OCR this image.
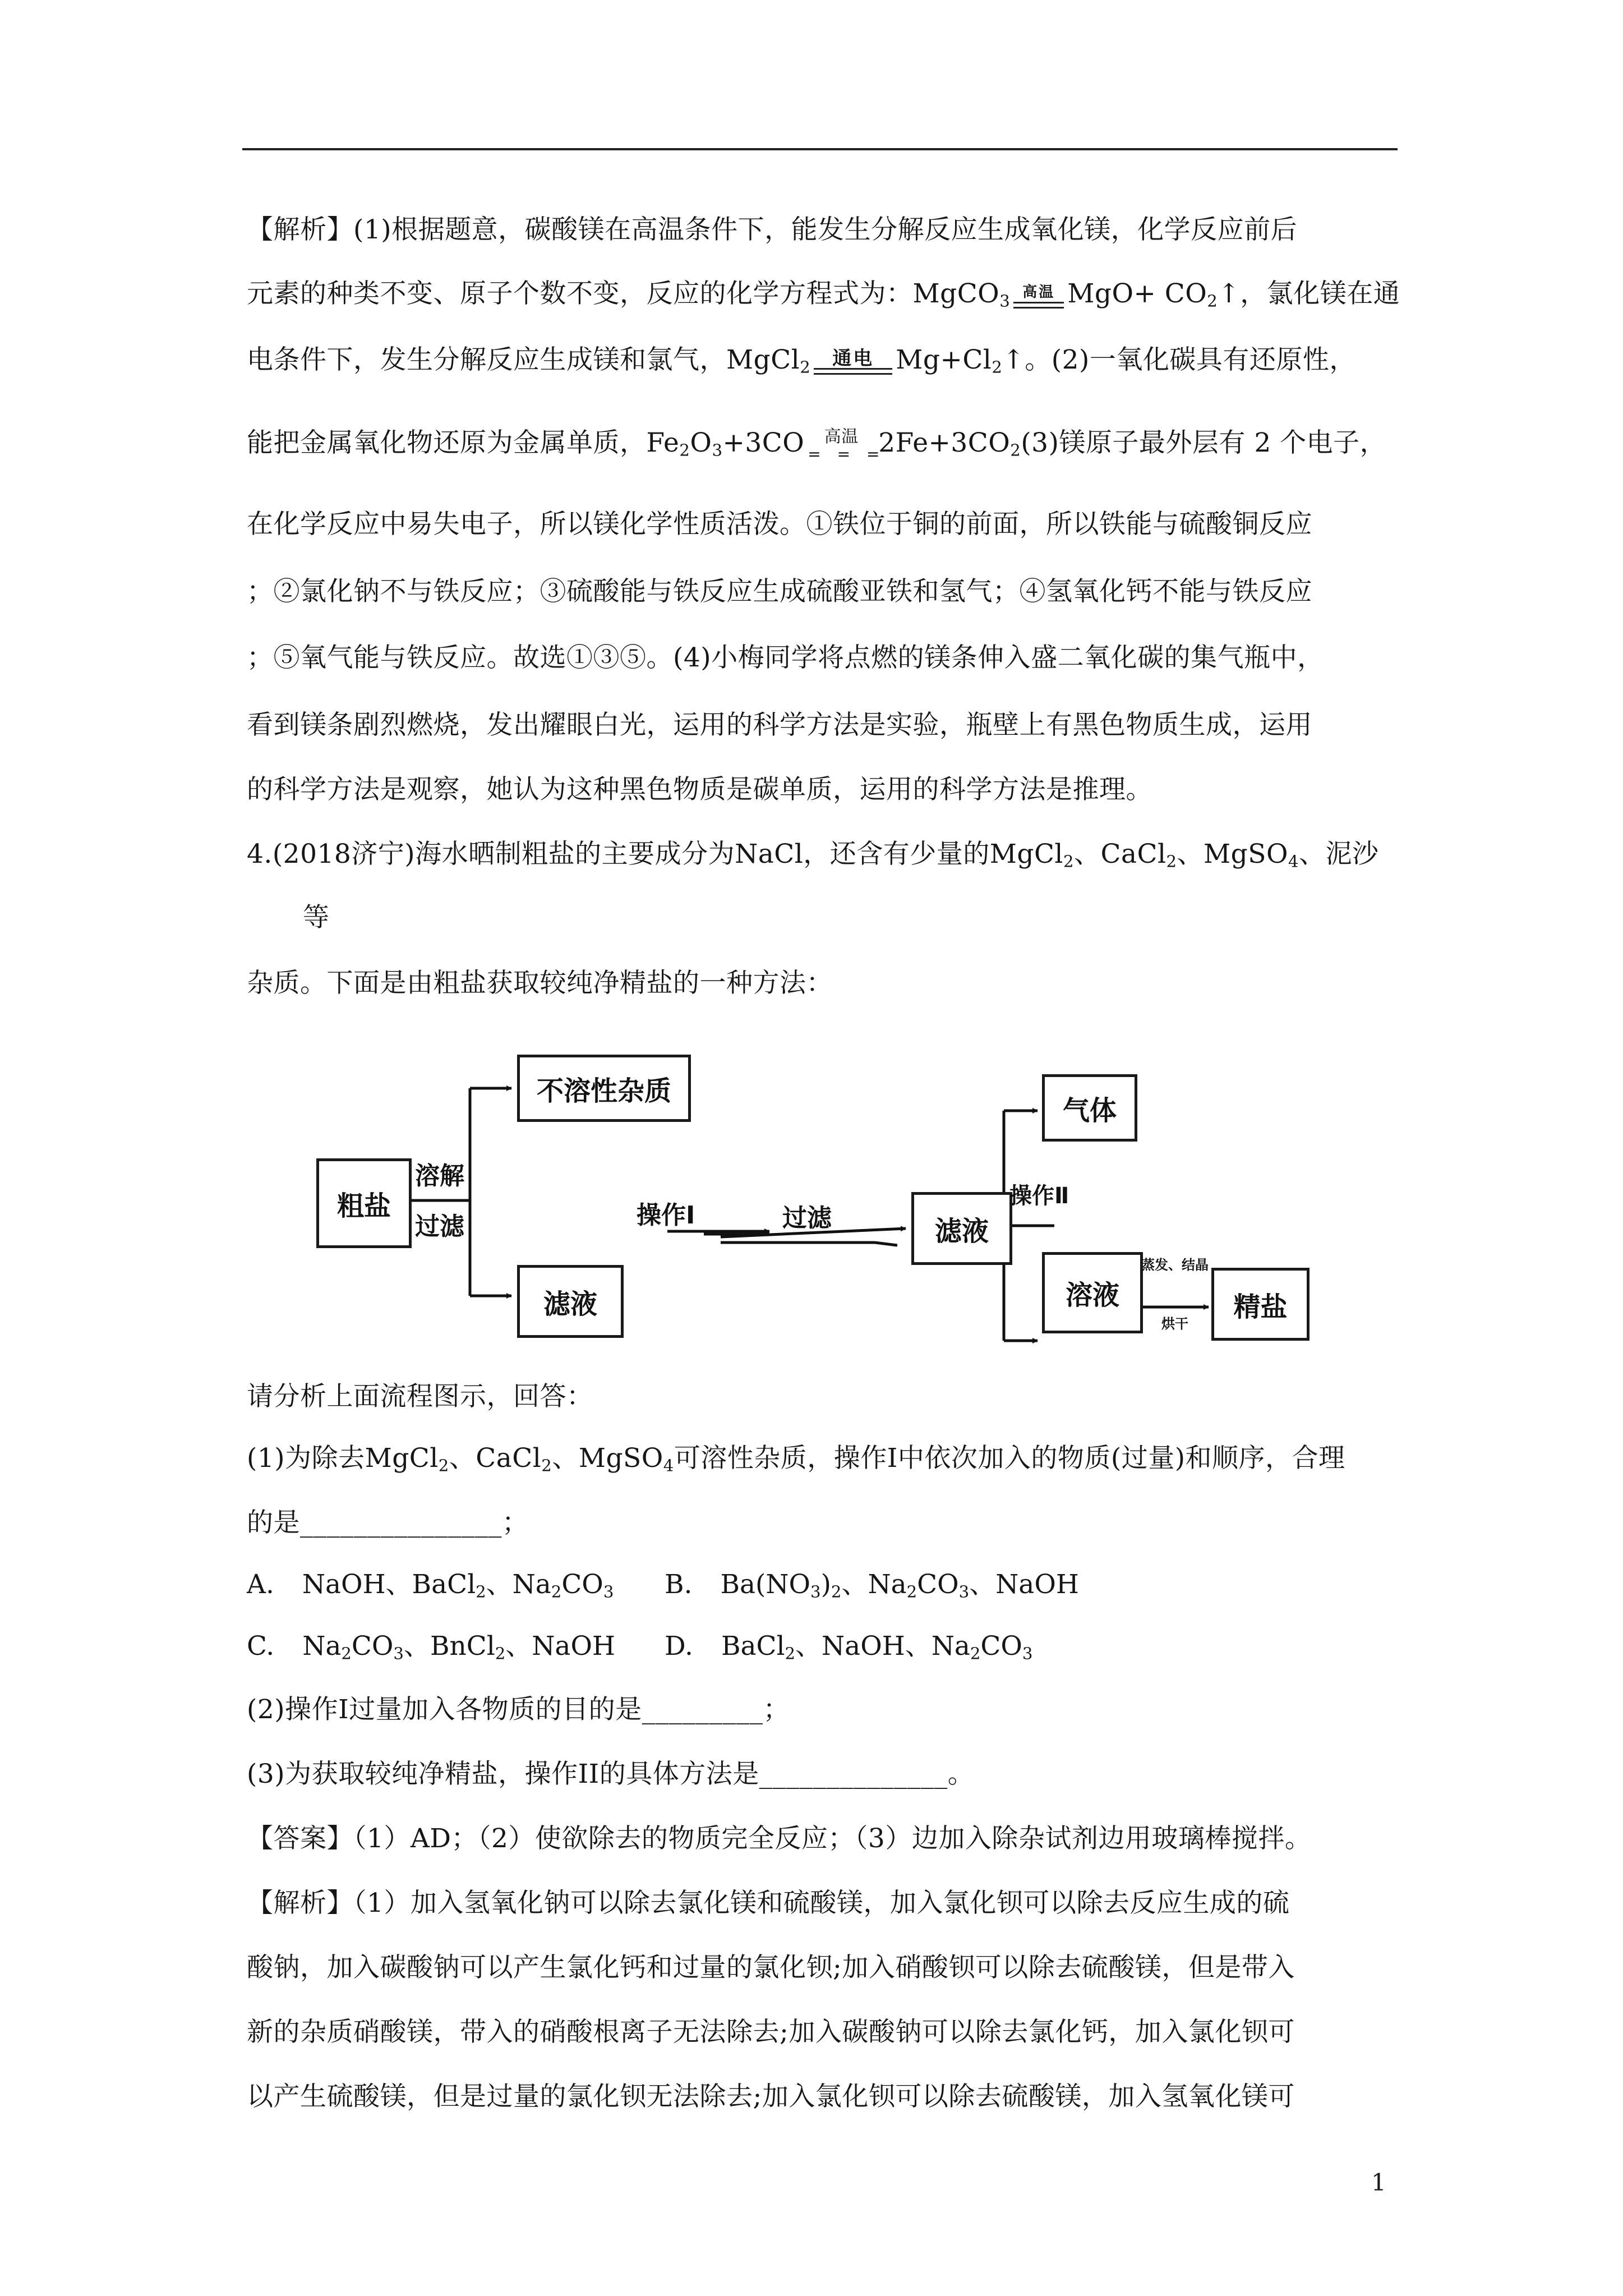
【解析】(1)根据题意，碳酸镁在高温条件下，能发生分解反应生成氧化镁，化学反应前后
元素的种类不变、原子个数不变，反应的化学方程式为：MgCO$_3$ 高温 $MgO+ CO_2↑$，氯化镁在通
电条件下，发生分解反应生成镁和氯气，MgCl$_2$	通电 $Mg+Cl_2↑$。(2)一氧化碳具有还原性，
能把金属氧化物还原为金属单质，$Fe_2O_3+3CO$	高温
= = =
$2Fe+3CO_2(3)$镁原子最外层有 2 个电子，
在化学反应中易失电子，所以镁化学性质活泼。①铁位于铜的前面，所以铁能与硫酸铜反应
；②氯化钠不与铁反应；③硫酸能与铁反应生成硫酸亚铁和氢气；④氢氧化钙不能与铁反应
；⑤氧气能与铁反应。故选①③⑤。(4)小梅同学将点燃的镁条伸入盛二氧化碳的集气瓶中，
看到镁条剧烈燃烧，发出耀眼白光，运用的科学方法是实验，瓶壁上有黑色物质生成，运用
的科学方法是观察，她认为这种黑色物质是碳单质，运用的科学方法是推理。
4.(2018济宁)海水晒制粗盐的主要成分为NaCl，还含有少量的MgCl$_2$、CaCl$_2$、MgSO$_4$、泥沙
等
杂质。下面是由粗盐获取较纯净精盐的一种方法：
粗盐
溶解
过滤
不溶性杂质
滤液
操作Ⅰ	过滤	滤液
操作Ⅱ
气体
溶液
蒸发、结晶
烘干
精盐
请分析上面流程图示，回答：
(1)为除去MgCl$_2$、CaCl$_2$、MgSO$_4$可溶性杂质，操作Ⅰ中依次加入的物质(过量)和顺序，合理
的是_______________；
A. NaOH、BaCl$_2$、$Na_2CO_3$ B. $Ba(NO_3)_2$、$Na_2CO_3$、NaOH
C. $Na_2CO_3$、BnCl$_2$、NaOH D. BaCl$_2$、NaOH、$Na_2CO_3$
(2)操作Ⅰ过量加入各物质的目的是_________；
(3)为获取较纯净精盐，操作II的具体方法是______________。
【答案】（1）AD；（2）使欲除去的物质完全反应；（3）边加入除杂试剂边用玻璃棒搅拌。
【解析】（1）加入氢氧化钠可以除去氯化镁和硫酸镁，加入氯化钡可以除去反应生成的硫
酸钠，加入碳酸钠可以产生氯化钙和过量的氯化钡;加入硝酸钡可以除去硫酸镁，但是带入
新的杂质硝酸镁，带入的硝酸根离子无法除去;加入碳酸钠可以除去氯化钙，加入氯化钡可
以产生硫酸镁，但是过量的氯化钡无法除去;加入氯化钡可以除去硫酸镁，加入氢氧化镁可
1
